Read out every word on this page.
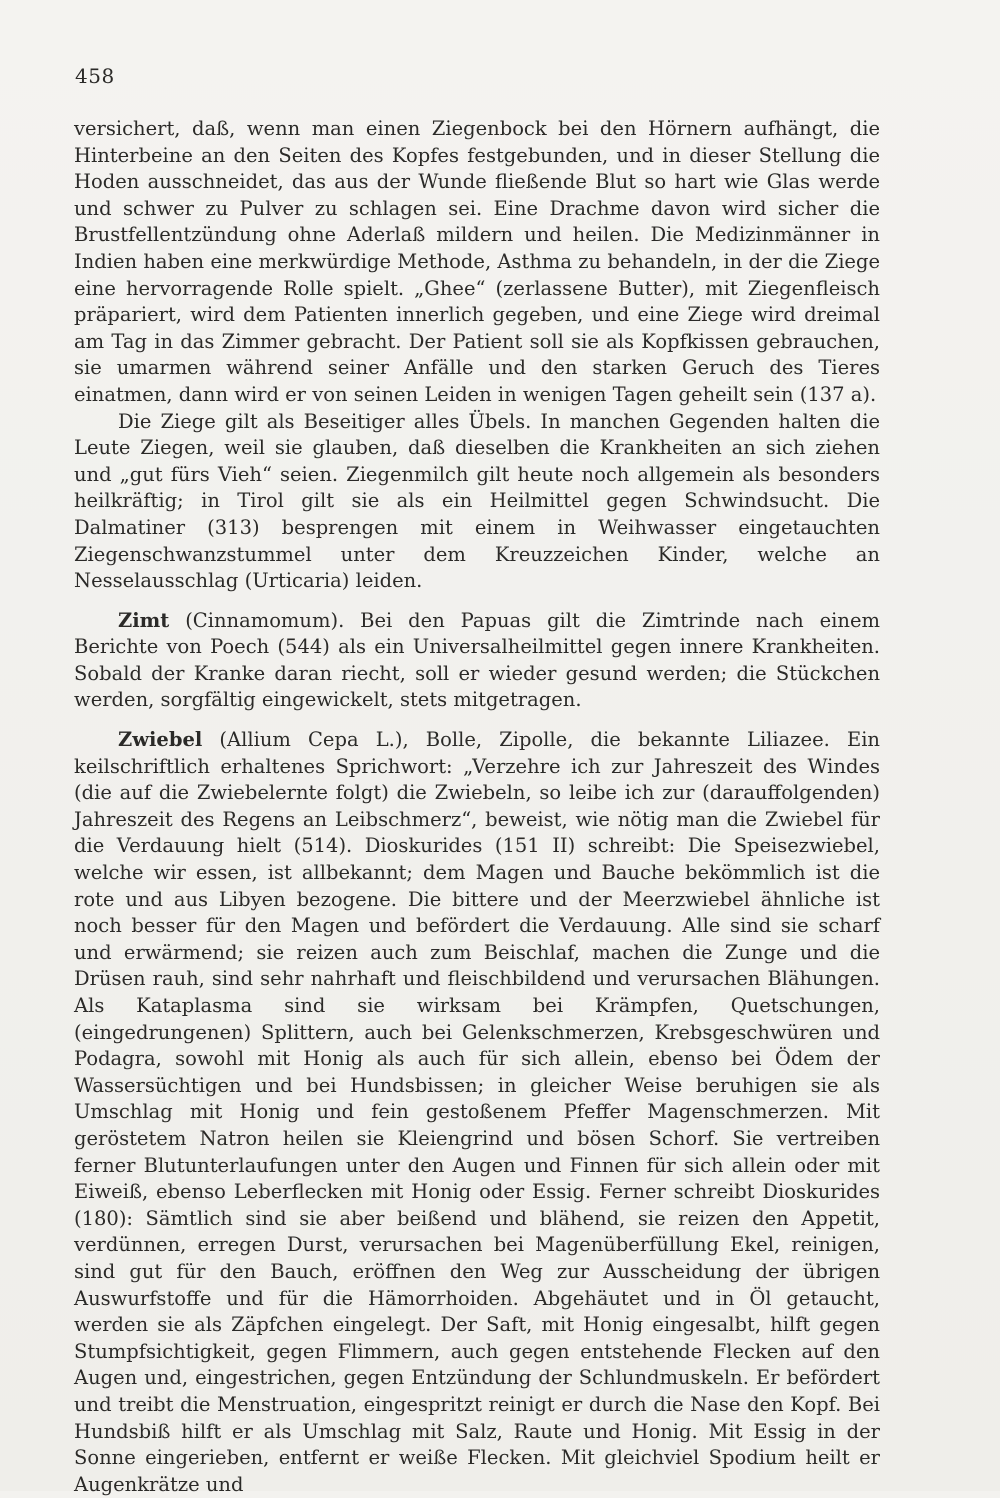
458

versichert, daß, wenn man einen Ziegenbock bei den Hörnern aufhängt, die Hinterbeine an den Seiten des Kopfes festgebunden, und in dieser Stellung die Hoden ausschneidet, das aus der Wunde fließende Blut so hart wie Glas werde und schwer zu Pulver zu schlagen sei. Eine Drachme davon wird sicher die Brustfellentzündung ohne Aderlaß mildern und heilen. Die Medizinmänner in Indien haben eine merkwürdige Methode, Asthma zu behandeln, in der die Ziege eine hervorragende Rolle spielt. „Ghee“ (zerlassene Butter), mit Ziegenfleisch präpariert, wird dem Patienten innerlich gegeben, und eine Ziege wird dreimal am Tag in das Zimmer gebracht. Der Patient soll sie als Kopfkissen gebrauchen, sie umarmen während seiner Anfälle und den starken Geruch des Tieres einatmen, dann wird er von seinen Leiden in wenigen Tagen geheilt sein (137 a).

Die Ziege gilt als Beseitiger alles Übels. In manchen Gegenden halten die Leute Ziegen, weil sie glauben, daß dieselben die Krankheiten an sich ziehen und „gut fürs Vieh“ seien. Ziegenmilch gilt heute noch allgemein als besonders heilkräftig; in Tirol gilt sie als ein Heilmittel gegen Schwindsucht. Die Dalmatiner (313) besprengen mit einem in Weihwasser eingetauchten Ziegenschwanzstummel unter dem Kreuzzeichen Kinder, welche an Nesselausschlag (Urticaria) leiden.

Zimt (Cinnamomum). Bei den Papuas gilt die Zimtrinde nach einem Berichte von Poech (544) als ein Universalheilmittel gegen innere Krankheiten. Sobald der Kranke daran riecht, soll er wieder gesund werden; die Stückchen werden, sorgfältig eingewickelt, stets mitgetragen.

Zwiebel (Allium Cepa L.), Bolle, Zipolle, die bekannte Liliazee. Ein keilschriftlich erhaltenes Sprichwort: „Verzehre ich zur Jahreszeit des Windes (die auf die Zwiebelernte folgt) die Zwiebeln, so leibe ich zur (darauffolgenden) Jahreszeit des Regens an Leibschmerz“, beweist, wie nötig man die Zwiebel für die Verdauung hielt (514). Dioskurides (151 II) schreibt: Die Speisezwiebel, welche wir essen, ist allbekannt; dem Magen und Bauche bekömmlich ist die rote und aus Libyen bezogene. Die bittere und der Meerzwiebel ähnliche ist noch besser für den Magen und befördert die Verdauung. Alle sind sie scharf und erwärmend; sie reizen auch zum Beischlaf, machen die Zunge und die Drüsen rauh, sind sehr nahrhaft und fleischbildend und verursachen Blähungen. Als Kataplasma sind sie wirksam bei Krämpfen, Quetschungen, (eingedrungenen) Splittern, auch bei Gelenkschmerzen, Krebsgeschwüren und Podagra, sowohl mit Honig als auch für sich allein, ebenso bei Ödem der Wassersüchtigen und bei Hundsbissen; in gleicher Weise beruhigen sie als Umschlag mit Honig und fein gestoßenem Pfeffer Magenschmerzen. Mit geröstetem Natron heilen sie Kleiengrind und bösen Schorf. Sie vertreiben ferner Blutunterlaufungen unter den Augen und Finnen für sich allein oder mit Eiweiß, ebenso Leberflecken mit Honig oder Essig. Ferner schreibt Dioskurides (180): Sämtlich sind sie aber beißend und blähend, sie reizen den Appetit, verdünnen, erregen Durst, verursachen bei Magenüberfüllung Ekel, reinigen, sind gut für den Bauch, eröffnen den Weg zur Ausscheidung der übrigen Auswurfstoffe und für die Hämorrhoiden. Abgehäutet und in Öl getaucht, werden sie als Zäpfchen eingelegt. Der Saft, mit Honig eingesalbt, hilft gegen Stumpfsichtigkeit, gegen Flimmern, auch gegen entstehende Flecken auf den Augen und, eingestrichen, gegen Entzündung der Schlundmuskeln. Er befördert und treibt die Menstruation, eingespritzt reinigt er durch die Nase den Kopf. Bei Hundsbiß hilft er als Umschlag mit Salz, Raute und Honig. Mit Essig in der Sonne eingerieben, entfernt er weiße Flecken. Mit gleichviel Spodium heilt er Augenkrätze und
